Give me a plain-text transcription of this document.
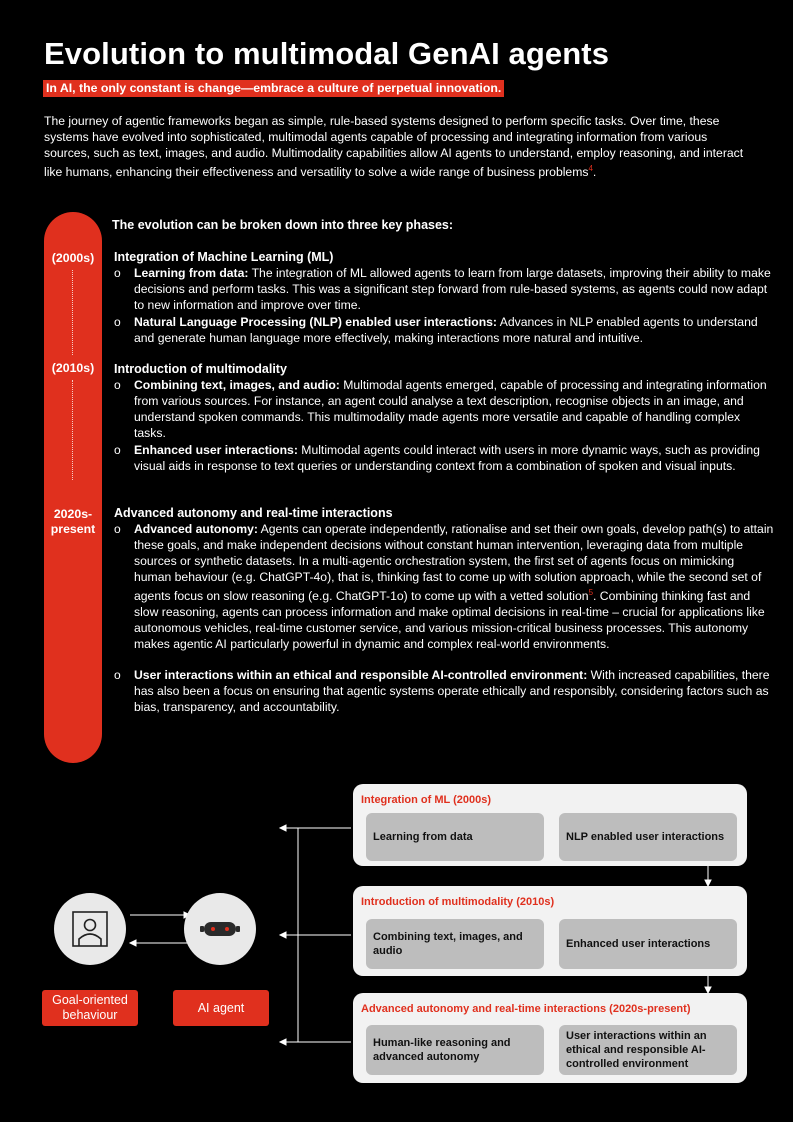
Evolution to multimodal GenAI agents
In AI, the only constant is change—embrace a culture of perpetual innovation.
The journey of agentic frameworks began as simple, rule-based systems designed to perform specific tasks. Over time, these systems have evolved into sophisticated, multimodal agents capable of processing and integrating information from various sources, such as text, images, and audio. Multimodality capabilities allow AI agents to understand, employ reasoning, and interact like humans, enhancing their effectiveness and versatility to solve a wide range of business problems$^4$.
(2000s)
(2010s)
2020s-
present
The evolution can be broken down into three key phases:
Integration of Machine Learning (ML)
o Learning from data: The integration of ML allowed agents to learn from large datasets, improving their ability to make decisions and perform tasks. This was a significant step forward from rule-based systems, as agents could now adapt to new information and improve over time.
o Natural Language Processing (NLP) enabled user interactions: Advances in NLP enabled agents to understand and generate human language more effectively, making interactions more natural and intuitive.
Introduction of multimodality
o Combining text, images, and audio: Multimodal agents emerged, capable of processing and integrating information from various sources. For instance, an agent could analyse a text description, recognise objects in an image, and understand spoken commands. This multimodality made agents more versatile and capable of handling complex tasks.
o Enhanced user interactions: Multimodal agents could interact with users in more dynamic ways, such as providing visual aids in response to text queries or understanding context from a combination of spoken and visual inputs.
Advanced autonomy and real-time interactions
o Advanced autonomy: Agents can operate independently, rationalise and set their own goals, develop path(s) to attain these goals, and make independent decisions without constant human intervention, leveraging data from multiple sources or synthetic datasets. In a multi-agentic orchestration system, the first set of agents focus on mimicking human behaviour (e.g. ChatGPT-4o), that is, thinking fast to come up with solution approach, while the second set of agents focus on slow reasoning (e.g. ChatGPT-1o) to come up with a vetted solution$^5$. Combining thinking fast and slow reasoning, agents can process information and make optimal decisions in real-time – crucial for applications like autonomous vehicles, real-time customer service, and various mission-critical business processes. This autonomy makes agentic AI particularly powerful in dynamic and complex real-world environments.
o User interactions within an ethical and responsible AI-controlled environment: With increased capabilities, there has also been a focus on ensuring that agentic systems operate ethically and responsibly, considering factors such as bias, transparency, and accountability.
Integration of ML (2000s)
Learning from data	NLP enabled user interactions
Introduction of multimodality (2010s)
Combining text, images, and audio
Enhanced user interactions
Advanced autonomy and real-time interactions (2020s-present)
Human-like reasoning and advanced autonomy
User interactions within an ethical and responsible AI-controlled environment
Goal-oriented behaviour
AI agent
